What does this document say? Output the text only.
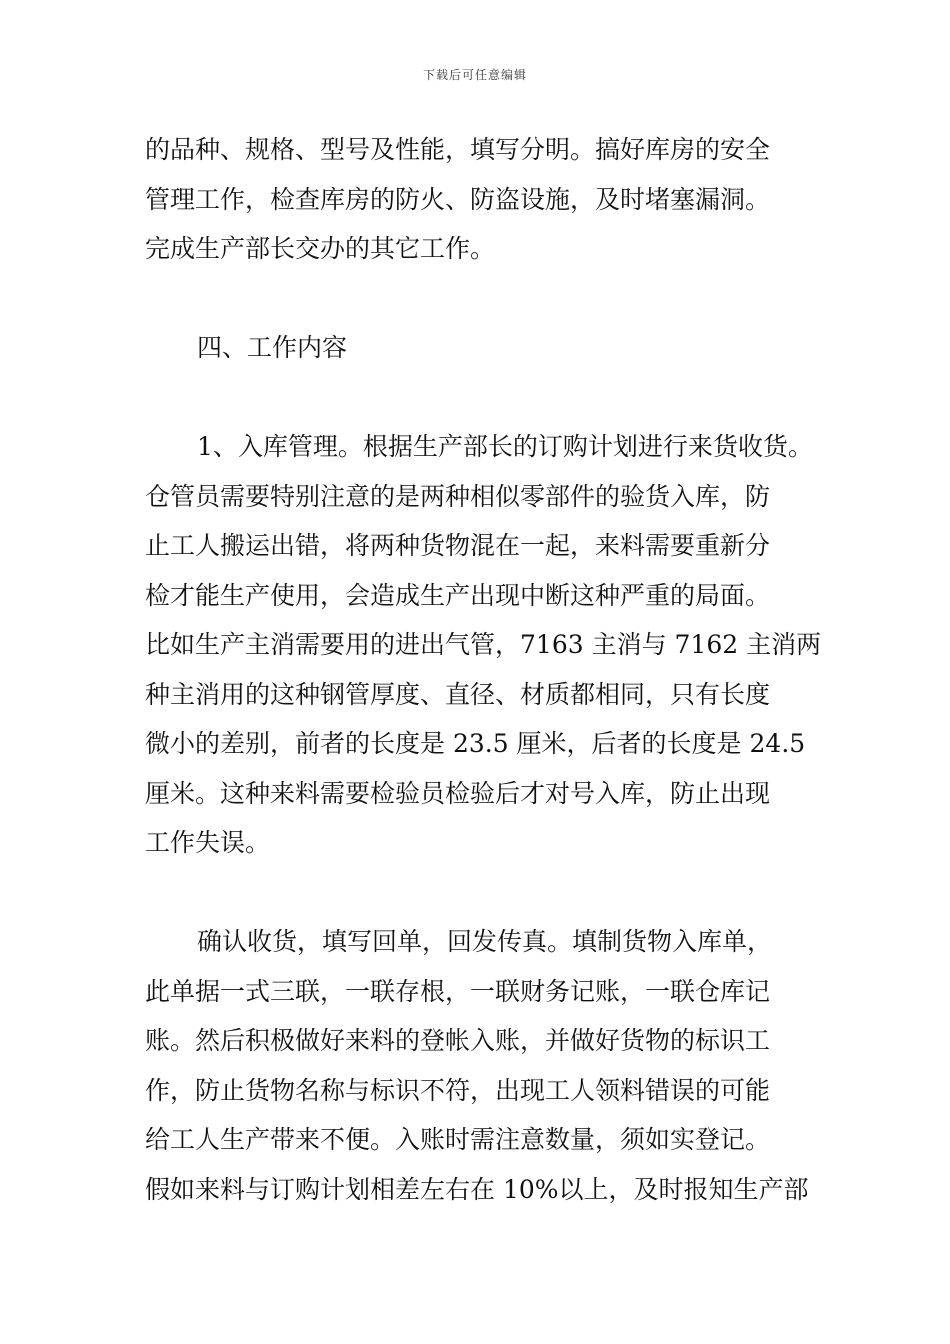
下载后可任意编辑
的品种、规格、型号及性能，填写分明。搞好库房的安全
管理工作，检查库房的防火、防盗设施，及时堵塞漏洞。
完成生产部长交办的其它工作。
四、工作内容
1、入库管理。根据生产部长的订购计划进行来货收货。
仓管员需要特别注意的是两种相似零部件的验货入库，防
止工人搬运出错，将两种货物混在一起，来料需要重新分
检才能生产使用，会造成生产出现中断这种严重的局面。
比如生产主消需要用的进出气管，7163 主消与 7162 主消两
种主消用的这种钢管厚度、直径、材质都相同，只有长度
微小的差别，前者的长度是 23.5 厘米，后者的长度是 24.5
厘米。这种来料需要检验员检验后才对号入库，防止出现
工作失误。
确认收货，填写回单，回发传真。填制货物入库单，
此单据一式三联，一联存根，一联财务记账，一联仓库记
账。然后积极做好来料的登帐入账，并做好货物的标识工
作，防止货物名称与标识不符，出现工人领料错误的可能
给工人生产带来不便。入账时需注意数量，须如实登记。
假如来料与订购计划相差左右在 10%以上，及时报知生产部
